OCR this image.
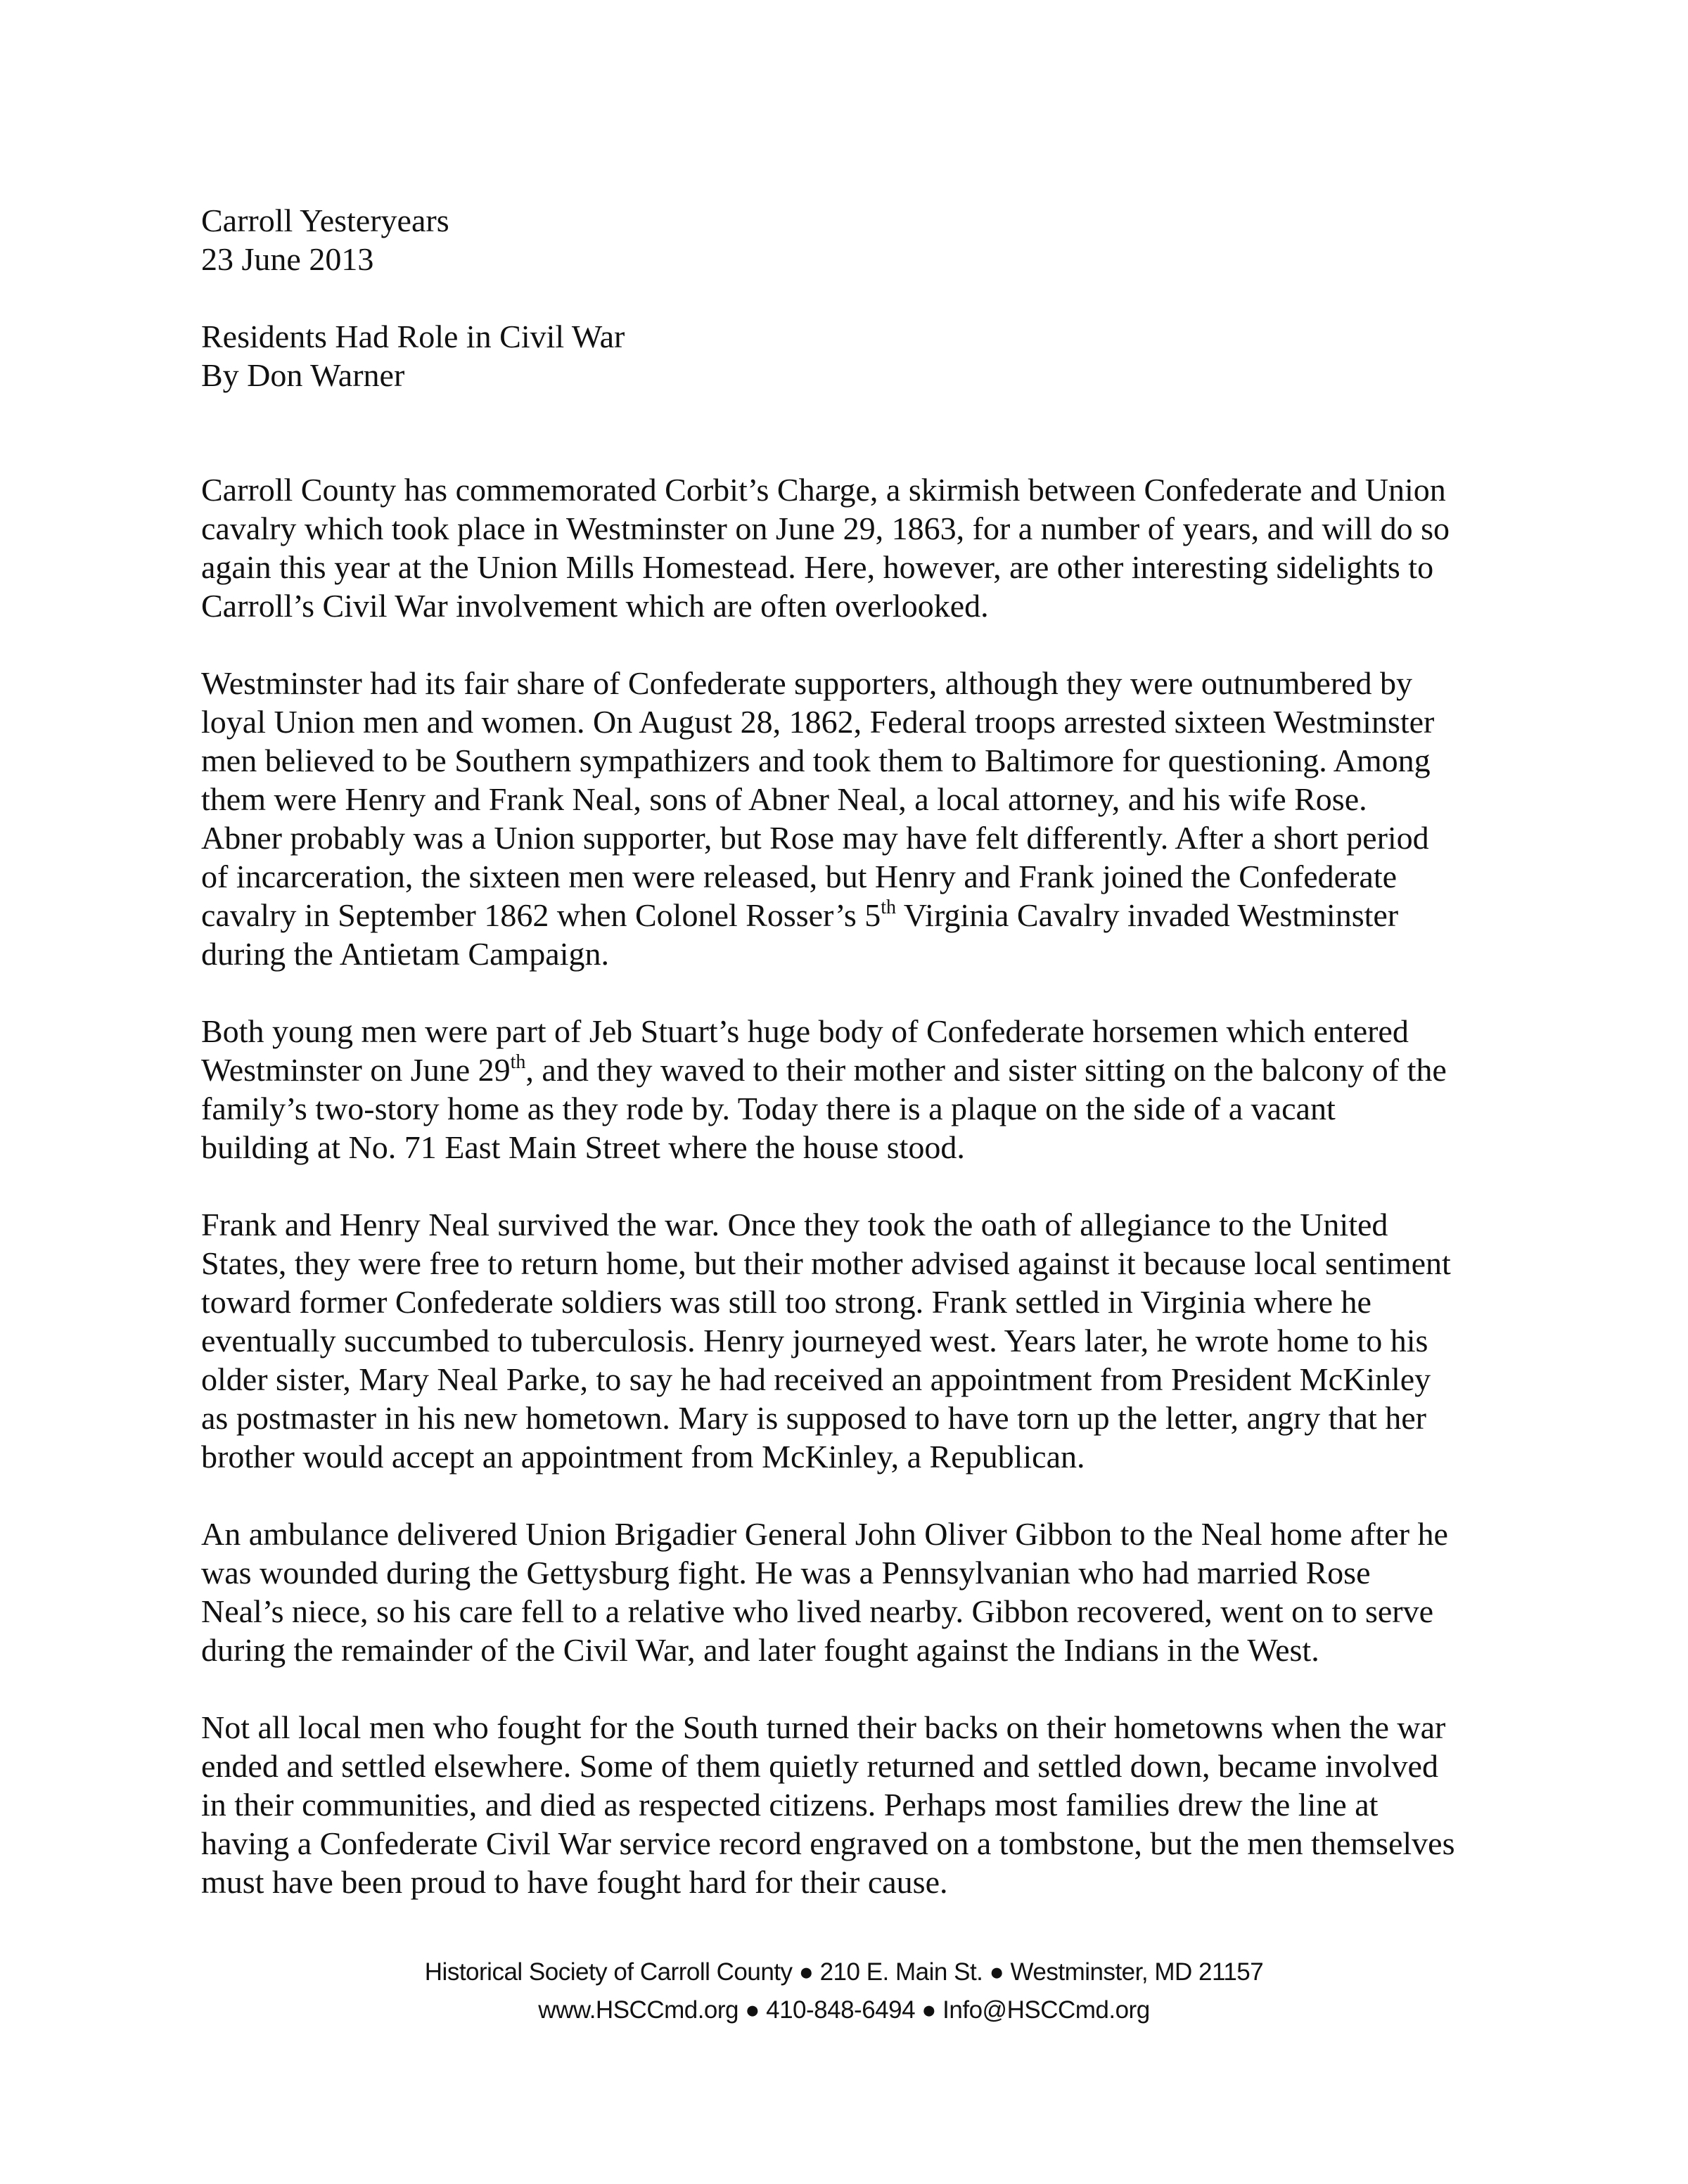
Carroll Yesteryears
23 June 2013
Residents Had Role in Civil War
By Don Warner
Carroll County has commemorated Corbit’s Charge, a skirmish between Confederate and Union
cavalry which took place in Westminster on June 29, 1863, for a number of years, and will do so
again this year at the Union Mills Homestead. Here, however, are other interesting sidelights to
Carroll’s Civil War involvement which are often overlooked.
Westminster had its fair share of Confederate supporters, although they were outnumbered by
loyal Union men and women. On August 28, 1862, Federal troops arrested sixteen Westminster
men believed to be Southern sympathizers and took them to Baltimore for questioning. Among
them were Henry and Frank Neal, sons of Abner Neal, a local attorney, and his wife Rose.
Abner probably was a Union supporter, but Rose may have felt differently. After a short period
of incarceration, the sixteen men were released, but Henry and Frank joined the Confederate
cavalry in September 1862 when Colonel Rosser’s 5th Virginia Cavalry invaded Westminster
during the Antietam Campaign.
Both young men were part of Jeb Stuart’s huge body of Confederate horsemen which entered
Westminster on June 29th, and they waved to their mother and sister sitting on the balcony of the
family’s two-story home as they rode by. Today there is a plaque on the side of a vacant
building at No. 71 East Main Street where the house stood.
Frank and Henry Neal survived the war. Once they took the oath of allegiance to the United
States, they were free to return home, but their mother advised against it because local sentiment
toward former Confederate soldiers was still too strong. Frank settled in Virginia where he
eventually succumbed to tuberculosis. Henry journeyed west. Years later, he wrote home to his
older sister, Mary Neal Parke, to say he had received an appointment from President McKinley
as postmaster in his new hometown. Mary is supposed to have torn up the letter, angry that her
brother would accept an appointment from McKinley, a Republican.
An ambulance delivered Union Brigadier General John Oliver Gibbon to the Neal home after he
was wounded during the Gettysburg fight. He was a Pennsylvanian who had married Rose
Neal’s niece, so his care fell to a relative who lived nearby. Gibbon recovered, went on to serve
during the remainder of the Civil War, and later fought against the Indians in the West.
Not all local men who fought for the South turned their backs on their hometowns when the war
ended and settled elsewhere. Some of them quietly returned and settled down, became involved
in their communities, and died as respected citizens. Perhaps most families drew the line at
having a Confederate Civil War service record engraved on a tombstone, but the men themselves
must have been proud to have fought hard for their cause.
Historical Society of Carroll County ● 210 E. Main St. ● Westminster, MD 21157
www.HSCCmd.org ● 410-848-6494 ● Info@HSCCmd.org
